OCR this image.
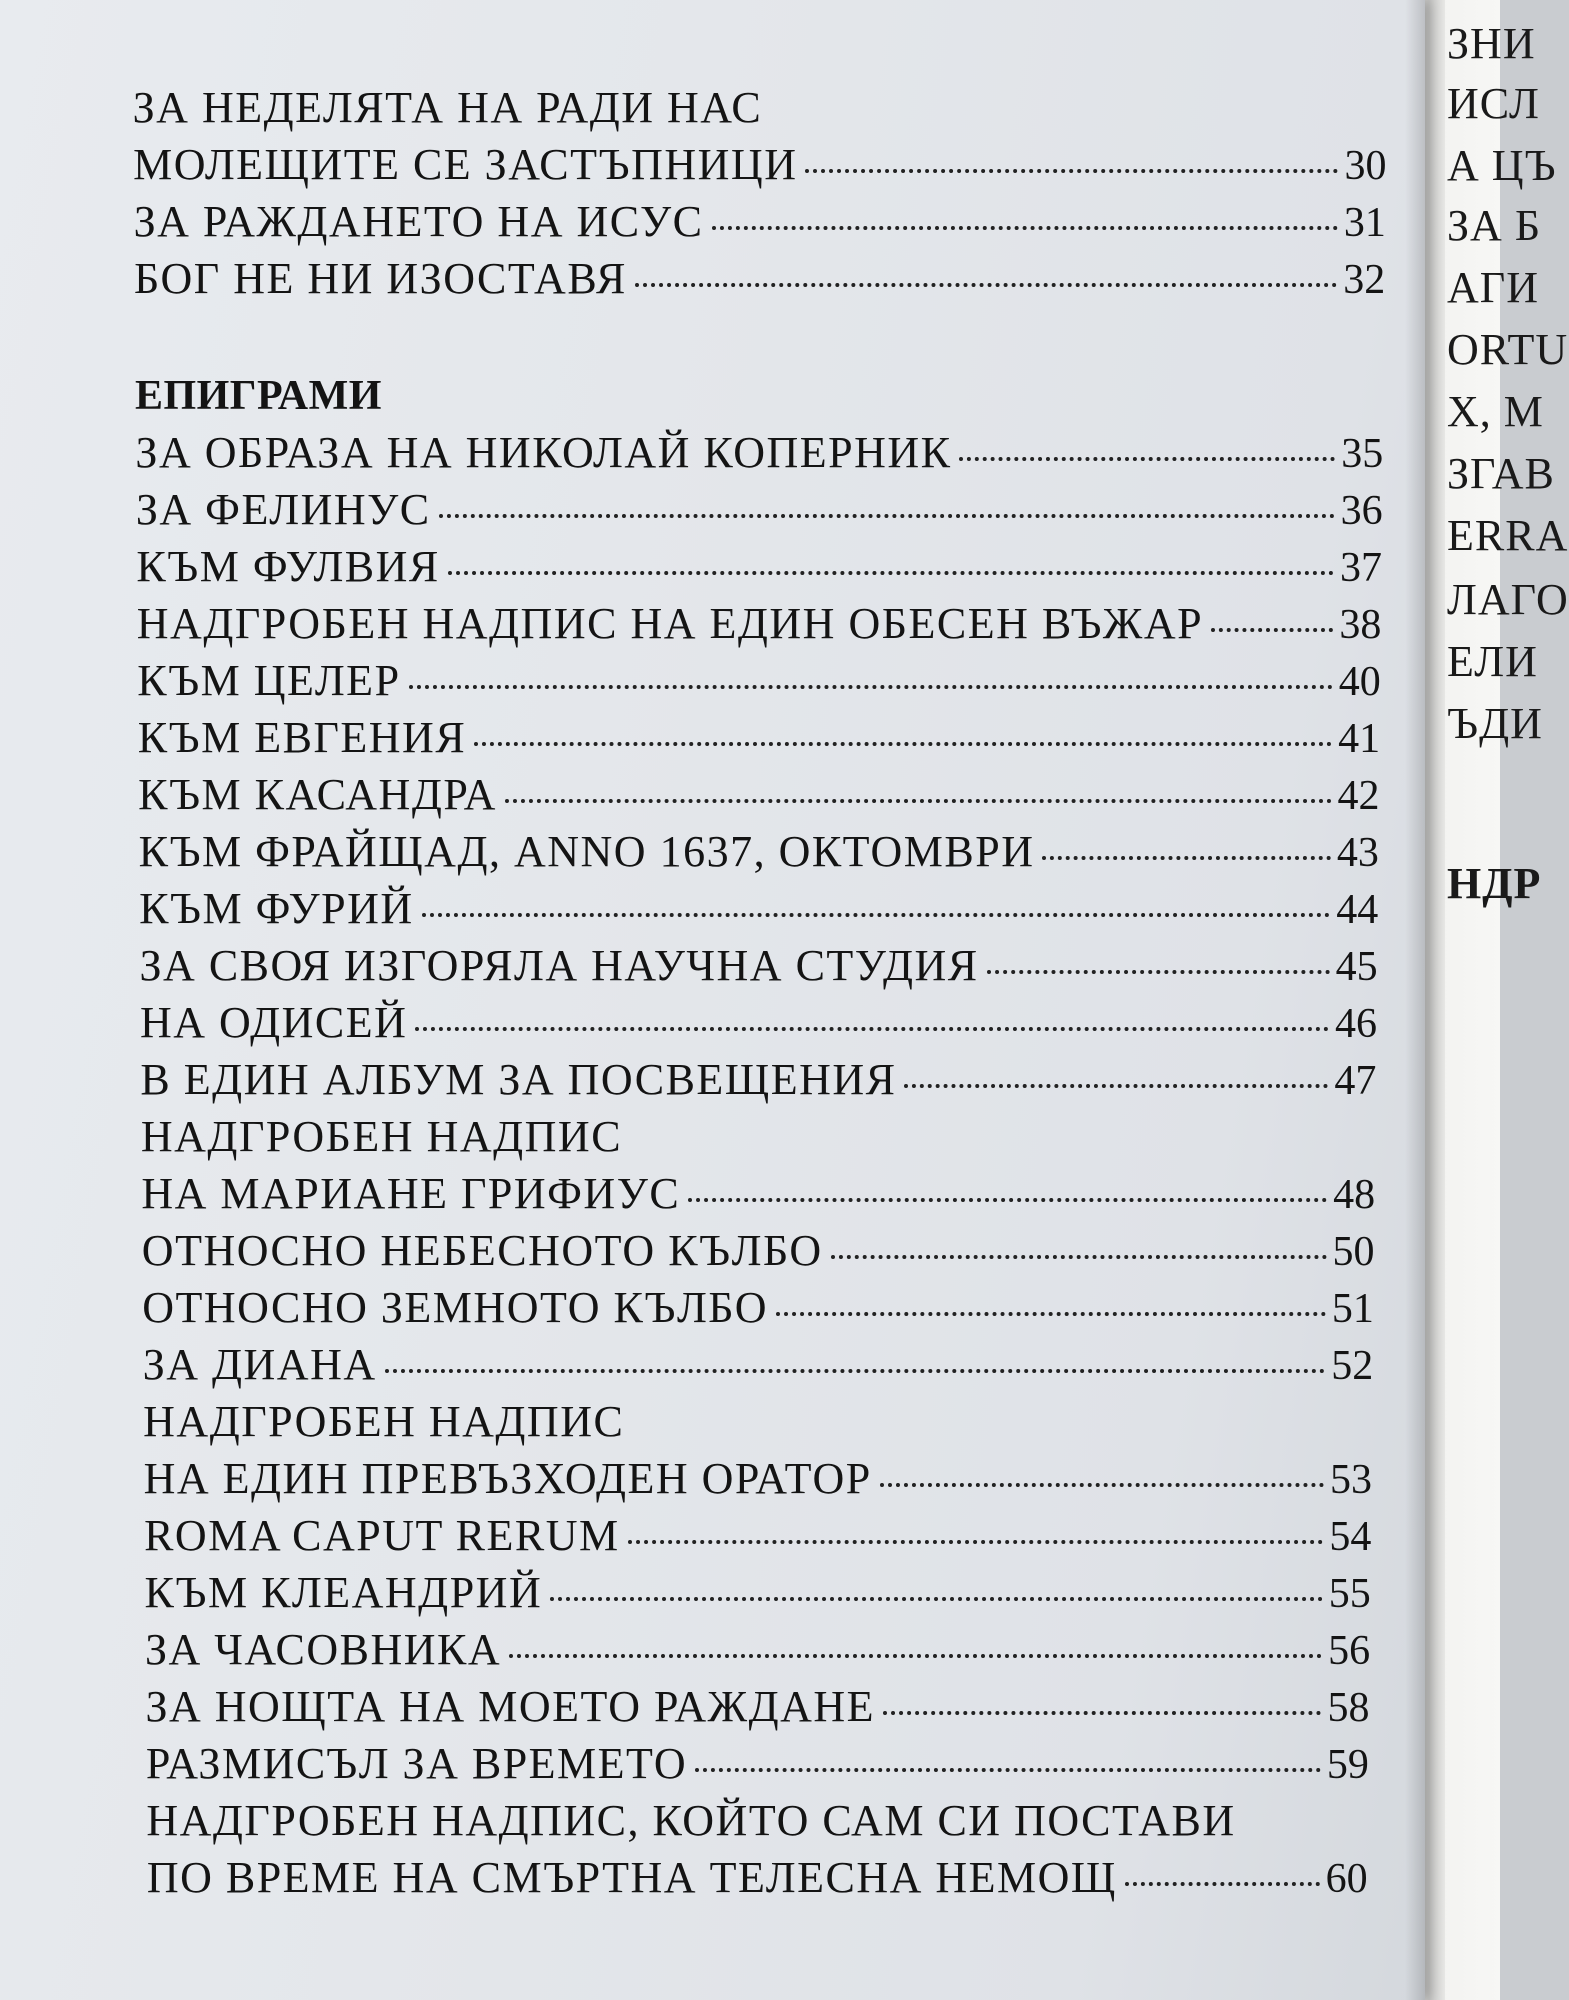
ЗНИ
ИСЛ
А ЦЪ
ЗА Б
АГИ
ORTU
X, M
ЗГАВ
ERRA
ЛАГО
ЕЛИ
ЪДИ
НДР
ЗА НЕДЕЛЯТА НА РАДИ НАС
МОЛЕЩИТЕ СЕ ЗАСТЪПНИЦИ	30
ЗА РАЖДАНЕТО НА ИСУС	31
БОГ НЕ НИ ИЗОСТАВЯ	32
ЕПИГРАМИ
ЗА ОБРАЗА НА НИКОЛАЙ КОПЕРНИК	35
ЗА ФЕЛИНУС	36
КЪМ ФУЛВИЯ	37
НАДГРОБЕН НАДПИС НА ЕДИН ОБЕСЕН ВЪЖАР	38
КЪМ ЦЕЛЕР	40
КЪМ ЕВГЕНИЯ	41
КЪМ КАСАНДРА	42
КЪМ ФРАЙЩАД, ANNO 1637, ОКТОМВРИ	43
КЪМ ФУРИЙ	44
ЗА СВОЯ ИЗГОРЯЛА НАУЧНА СТУДИЯ	45
НА ОДИСЕЙ	46
В ЕДИН АЛБУМ ЗА ПОСВЕЩЕНИЯ	47
НАДГРОБЕН НАДПИС
НА МАРИАНЕ ГРИФИУС	48
ОТНОСНО НЕБЕСНОТО КЪЛБО	50
ОТНОСНО ЗЕМНОТО КЪЛБО	51
ЗА ДИАНА	52
НАДГРОБЕН НАДПИС
НА ЕДИН ПРЕВЪЗХОДЕН ОРАТОР	53
ROMA CAPUT RERUM	54
КЪМ КЛЕАНДРИЙ	55
ЗА ЧАСОВНИКА	56
ЗА НОЩТА НА МОЕТО РАЖДАНЕ	58
РАЗМИСЪЛ ЗА ВРЕМЕТО	59
НАДГРОБЕН НАДПИС, КОЙТО САМ СИ ПОСТАВИ
ПО ВРЕМЕ НА СМЪРТНА ТЕЛЕСНА НЕМОЩ	60
